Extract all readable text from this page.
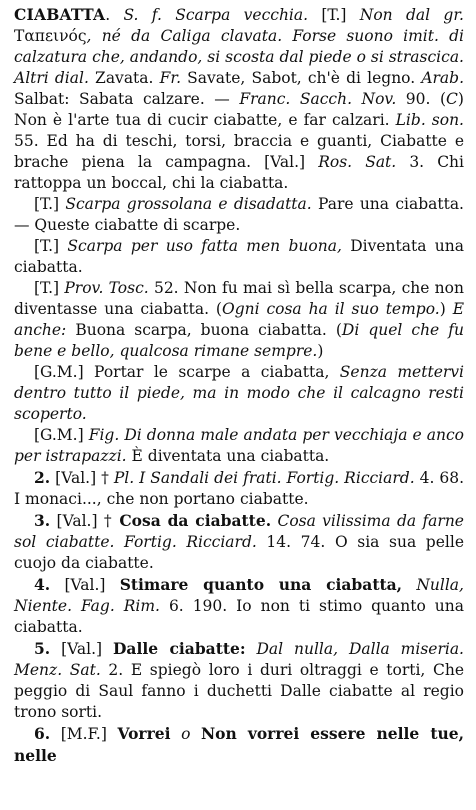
CIABATTA. S. f. Scarpa vecchia. [T.] Non dal gr. Ταπεινός, né da Caliga clavata. Forse suono imit. di calzatura che, andando, si scosta dal piede o si strascica. Altri dial. Zavata. Fr. Savate, Sabot, ch'è di legno. Arab. Salbat: Sabata calzare. — Franc. Sacch. Nov. 90. (C) Non è l'arte tua di cucir ciabatte, e far calzari. Lib. son. 55. Ed ha di teschi, torsi, braccia e guanti, Ciabatte e brache piena la campagna. [Val.] Ros. Sat. 3. Chi rattoppa un boccal, chi la ciabatta.

[T.] Scarpa grossolana e disadatta. Pare una ciabatta. — Queste ciabatte di scarpe.

[T.] Scarpa per uso fatta men buona, Diventata una ciabatta.

[T.] Prov. Tosc. 52. Non fu mai sì bella scarpa, che non diventasse una ciabatta. (Ogni cosa ha il suo tempo.) E anche: Buona scarpa, buona ciabatta. (Di quel che fu bene e bello, qualcosa rimane sempre.)

[G.M.] Portar le scarpe a ciabatta, Senza mettervi dentro tutto il piede, ma in modo che il calcagno resti scoperto.

[G.M.] Fig. Di donna male andata per vecchiaja e anco per istrapazzi. È diventata una ciabatta.

2. [Val.] † Pl. I Sandali dei frati. Fortig. Ricciard. 4. 68. I monaci..., che non portano ciabatte.

3. [Val.] † Cosa da ciabatte. Cosa vilissima da farne sol ciabatte. Fortig. Ricciard. 14. 74. O sia sua pelle cuojo da ciabatte.

4. [Val.] Stimare quanto una ciabatta, Nulla, Niente. Fag. Rim. 6. 190. Io non ti stimo quanto una ciabatta.

5. [Val.] Dalle ciabatte: Dal nulla, Dalla miseria. Menz. Sat. 2. E spiegò loro i duri oltraggi e torti, Che peggio di Saul fanno i duchetti Dalle ciabatte al regio trono sorti.

6. [M.F.] Vorrei o Non vorrei essere nelle tue, nelle
